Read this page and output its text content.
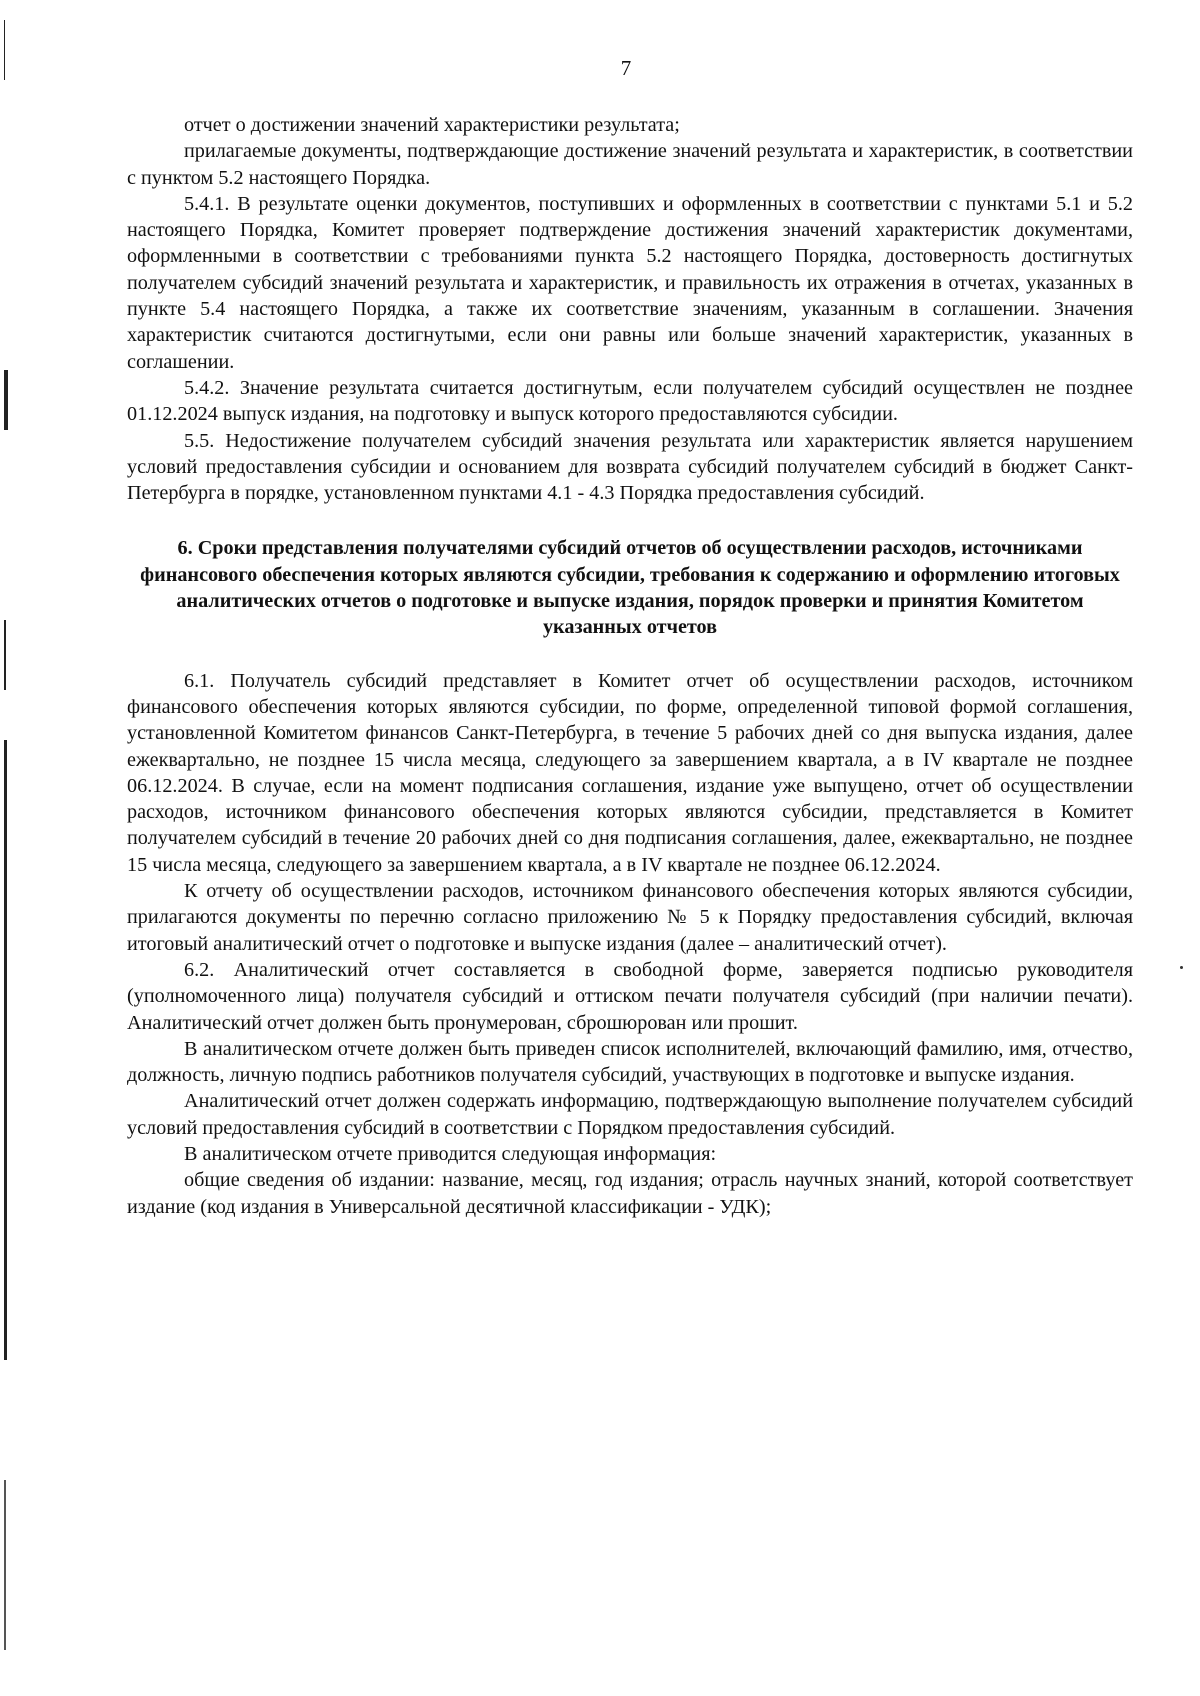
7

отчет о достижении значений характеристики результата;

прилагаемые документы, подтверждающие достижение значений результата и характеристик, в соответствии с пунктом 5.2 настоящего Порядка.

5.4.1. В результате оценки документов, поступивших и оформленных в соответствии с пунктами 5.1 и 5.2 настоящего Порядка, Комитет проверяет подтверждение достижения значений характеристик документами, оформленными в соответствии с требованиями пункта 5.2 настоящего Порядка, достоверность достигнутых получателем субсидий значений результата и характеристик, и правильность их отражения в отчетах, указанных в пункте 5.4 настоящего Порядка, а также их соответствие значениям, указанным в соглашении. Значения характеристик считаются достигнутыми, если они равны или больше значений характеристик, указанных в соглашении.

5.4.2. Значение результата считается достигнутым, если получателем субсидий осуществлен не позднее 01.12.2024 выпуск издания, на подготовку и выпуск которого предоставляются субсидии.

5.5. Недостижение получателем субсидий значения результата или характеристик является нарушением условий предоставления субсидии и основанием для возврата субсидий получателем субсидий в бюджет Санкт-Петербурга в порядке, установленном пунктами 4.1 - 4.3 Порядка предоставления субсидий.

6. Сроки представления получателями субсидий отчетов об осуществлении расходов, источниками финансового обеспечения которых являются субсидии, требования к содержанию и оформлению итоговых аналитических отчетов о подготовке и выпуске издания, порядок проверки и принятия Комитетом указанных отчетов

6.1. Получатель субсидий представляет в Комитет отчет об осуществлении расходов, источником финансового обеспечения которых являются субсидии, по форме, определенной типовой формой соглашения, установленной Комитетом финансов Санкт-Петербурга, в течение 5 рабочих дней со дня выпуска издания, далее ежеквартально, не позднее 15 числа месяца, следующего за завершением квартала, а в IV квартале не позднее 06.12.2024. В случае, если на момент подписания соглашения, издание уже выпущено, отчет об осуществлении расходов, источником финансового обеспечения которых являются субсидии, представляется в Комитет получателем субсидий в течение 20 рабочих дней со дня подписания соглашения, далее, ежеквартально, не позднее 15 числа месяца, следующего за завершением квартала, а в IV квартале не позднее 06.12.2024.

К отчету об осуществлении расходов, источником финансового обеспечения которых являются субсидии, прилагаются документы по перечню согласно приложению № 5 к Порядку предоставления субсидий, включая итоговый аналитический отчет о подготовке и выпуске издания (далее – аналитический отчет).

6.2. Аналитический отчет составляется в свободной форме, заверяется подписью руководителя (уполномоченного лица) получателя субсидий и оттиском печати получателя субсидий (при наличии печати). Аналитический отчет должен быть пронумерован, сброшюрован или прошит.

В аналитическом отчете должен быть приведен список исполнителей, включающий фамилию, имя, отчество, должность, личную подпись работников получателя субсидий, участвующих в подготовке и выпуске издания.

Аналитический отчет должен содержать информацию, подтверждающую выполнение получателем субсидий условий предоставления субсидий в соответствии с Порядком предоставления субсидий.

В аналитическом отчете приводится следующая информация:

общие сведения об издании: название, месяц, год издания; отрасль научных знаний, которой соответствует издание (код издания в Универсальной десятичной классификации - УДК);
